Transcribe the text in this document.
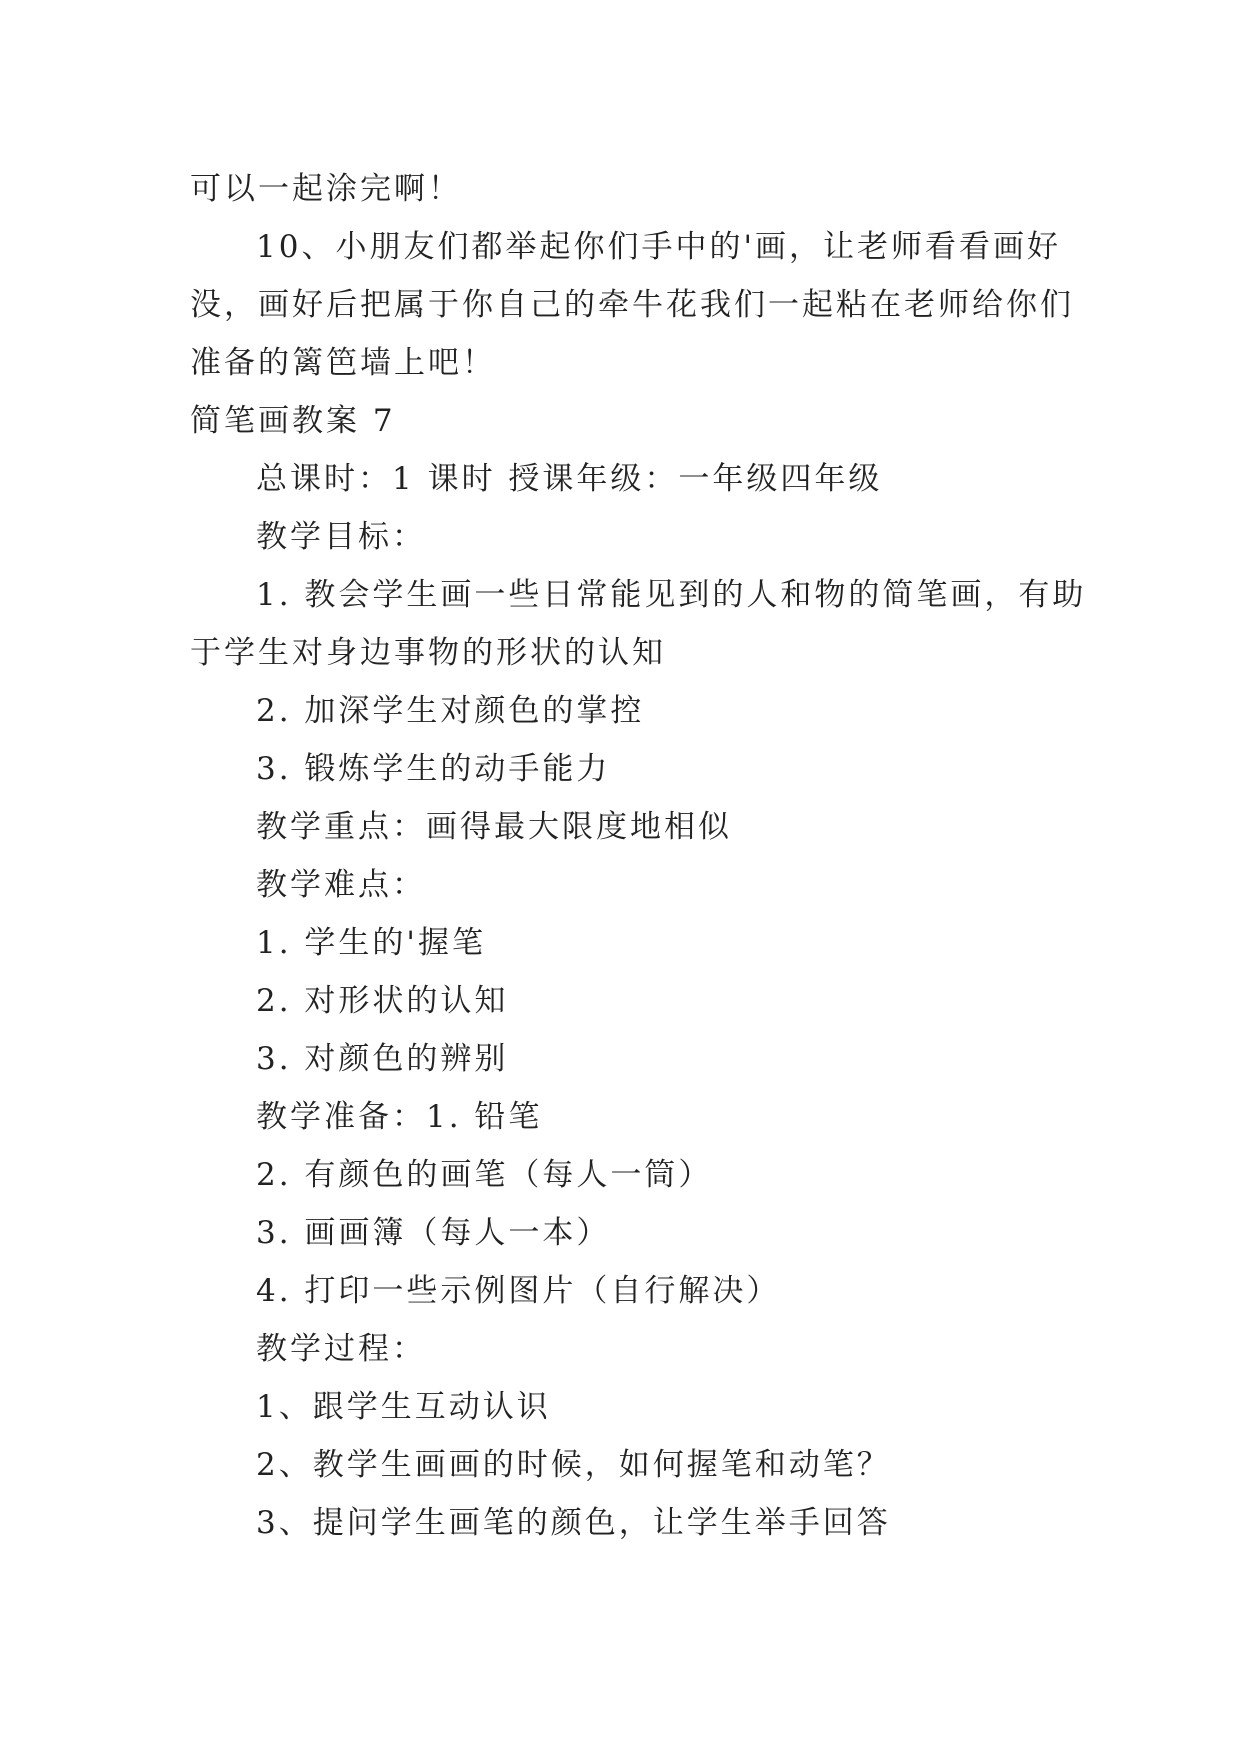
可以一起涂完啊！
10、小朋友们都举起你们手中的'画，让老师看看画好
没，画好后把属于你自己的牵牛花我们一起粘在老师给你们
准备的篱笆墙上吧！
简笔画教案 7
总课时：1 课时 授课年级：一年级四年级
教学目标：
1. 教会学生画一些日常能见到的人和物的简笔画，有助
于学生对身边事物的形状的认知
2. 加深学生对颜色的掌控
3. 锻炼学生的动手能力
教学重点：画得最大限度地相似
教学难点：
1. 学生的'握笔
2. 对形状的认知
3. 对颜色的辨别
教学准备：1. 铅笔
2. 有颜色的画笔（每人一筒）
3. 画画簿（每人一本）
4. 打印一些示例图片（自行解决）
教学过程：
1、跟学生互动认识
2、教学生画画的时候，如何握笔和动笔？
3、提问学生画笔的颜色，让学生举手回答
